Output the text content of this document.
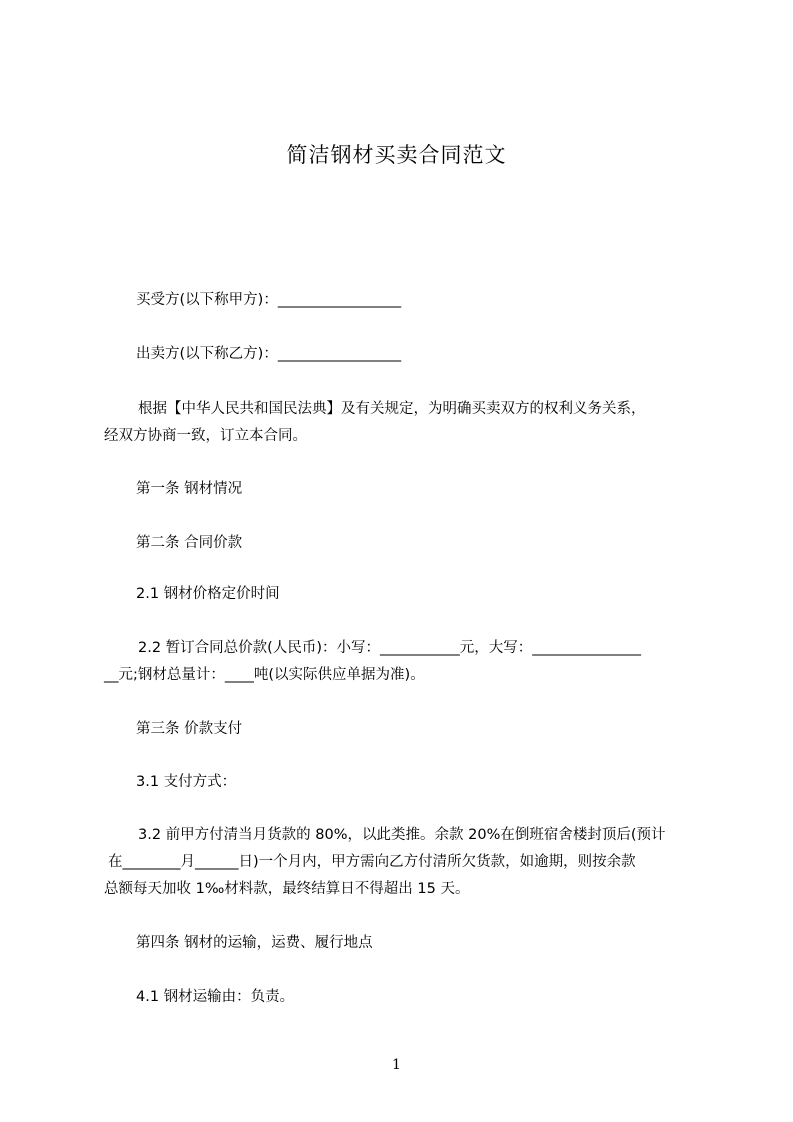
简洁钢材买卖合同范文
买受方(以下称甲方)：_________________
出卖方(以下称乙方)：_________________
根据【中华人民共和国民法典】及有关规定，为明确买卖双方的权利义务关系，
经双方协商一致，订立本合同。
第一条 钢材情况
第二条 合同价款
2.1 钢材价格定价时间
2.2 暂订合同总价款(人民币)：小写：___________元，大写：_______________
__元;钢材总量计：____吨(以实际供应单据为准)。
第三条 价款支付
3.1 支付方式：
3.2 前甲方付清当月货款的 80%，以此类推。余款 20%在倒班宿舍楼封顶后(预计
在________月______日)一个月内，甲方需向乙方付清所欠货款，如逾期，则按余款
总额每天加收 1‰材料款，最终结算日不得超出 15 天。
第四条 钢材的运输，运费、履行地点
4.1 钢材运输由：负责。
1
